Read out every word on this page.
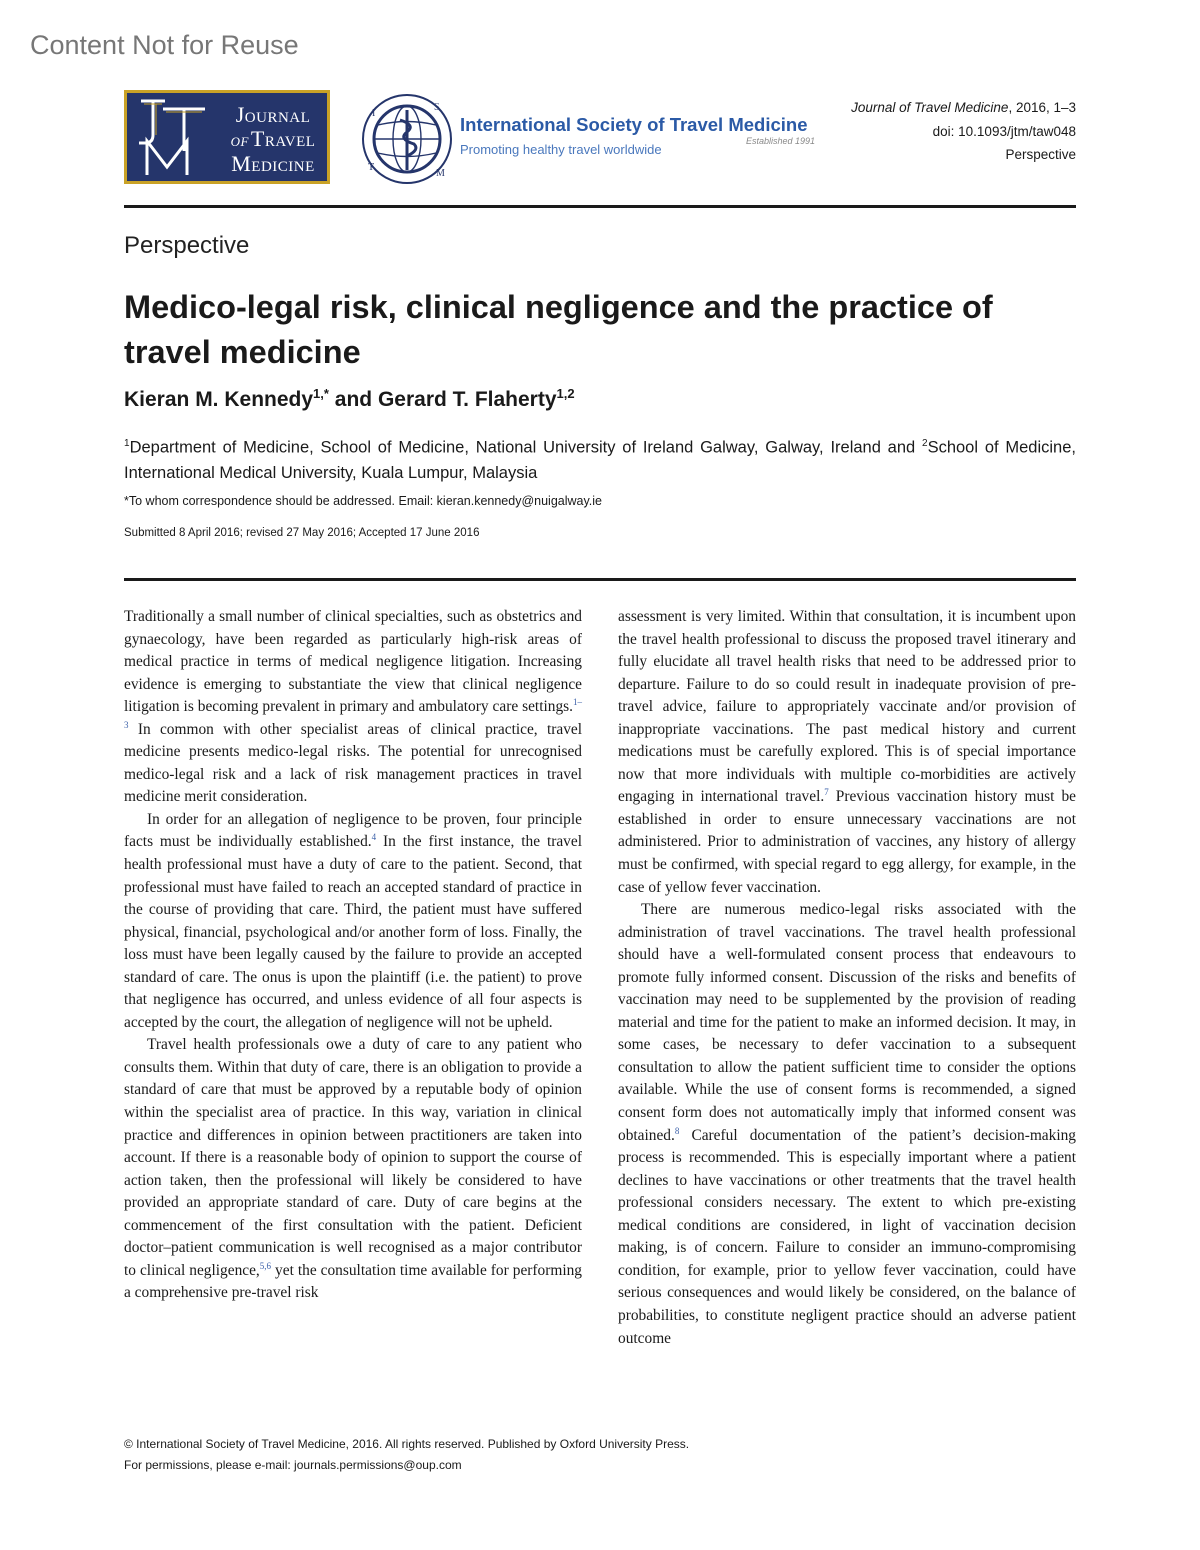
Content Not for Reuse
Journal
ofTravel
Medicine
I
S
T
M
International Society of Travel Medicine
Promoting healthy travel worldwide
Established 1991
Journal of Travel Medicine, 2016, 1–3
doi: 10.1093/jtm/taw048
Perspective
Perspective
Medico-legal risk, clinical negligence and the practice of travel medicine
Kieran M. Kennedy$^{1,*}$ and Gerard T. Flaherty$^{1,2}$
$^1$Department of Medicine, School of Medicine, National University of Ireland Galway, Galway, Ireland and $^2$School of Medicine, International Medical University, Kuala Lumpur, Malaysia
*To whom correspondence should be addressed. Email: kieran.kennedy@nuigalway.ie
Submitted 8 April 2016; revised 27 May 2016; Accepted 17 June 2016

Traditionally a small number of clinical specialties, such as obstetrics and gynaecology, have been regarded as particularly high-risk areas of medical practice in terms of medical negligence litigation. Increasing evidence is emerging to substantiate the view that clinical negligence litigation is becoming prevalent in primary and ambulatory care settings.$^{1-3}$ In common with other specialist areas of clinical practice, travel medicine presents medico-legal risks. The potential for unrecognised medico-legal risk and a lack of risk management practices in travel medicine merit consideration.

In order for an allegation of negligence to be proven, four principle facts must be individually established.$^4$ In the first instance, the travel health professional must have a duty of care to the patient. Second, that professional must have failed to reach an accepted standard of practice in the course of providing that care. Third, the patient must have suffered physical, financial, psychological and/or another form of loss. Finally, the loss must have been legally caused by the failure to provide an accepted standard of care. The onus is upon the plaintiff (i.e. the patient) to prove that negligence has occurred, and unless evidence of all four aspects is accepted by the court, the allegation of negligence will not be upheld.

Travel health professionals owe a duty of care to any patient who consults them. Within that duty of care, there is an obligation to provide a standard of care that must be approved by a reputable body of opinion within the specialist area of practice. In this way, variation in clinical practice and differences in opinion between practitioners are taken into account. If there is a reasonable body of opinion to support the course of action taken, then the professional will likely be considered to have provided an appropriate standard of care. Duty of care begins at the commencement of the first consultation with the patient. Deficient doctor–patient communication is well recognised as a major contributor to clinical negligence,$^{5,6}$ yet the consultation time available for performing a comprehensive pre-travel risk

assessment is very limited. Within that consultation, it is incumbent upon the travel health professional to discuss the proposed travel itinerary and fully elucidate all travel health risks that need to be addressed prior to departure. Failure to do so could result in inadequate provision of pre-travel advice, failure to appropriately vaccinate and/or provision of inappropriate vaccinations. The past medical history and current medications must be carefully explored. This is of special importance now that more individuals with multiple co-morbidities are actively engaging in international travel.$^7$ Previous vaccination history must be established in order to ensure unnecessary vaccinations are not administered. Prior to administration of vaccines, any history of allergy must be confirmed, with special regard to egg allergy, for example, in the case of yellow fever vaccination.

There are numerous medico-legal risks associated with the administration of travel vaccinations. The travel health professional should have a well-formulated consent process that endeavours to promote fully informed consent. Discussion of the risks and benefits of vaccination may need to be supplemented by the provision of reading material and time for the patient to make an informed decision. It may, in some cases, be necessary to defer vaccination to a subsequent consultation to allow the patient sufficient time to consider the options available. While the use of consent forms is recommended, a signed consent form does not automatically imply that informed consent was obtained.$^8$ Careful documentation of the patient’s decision-making process is recommended. This is especially important where a patient declines to have vaccinations or other treatments that the travel health professional considers necessary. The extent to which pre-existing medical conditions are considered, in light of vaccination decision making, is of concern. Failure to consider an immuno-compromising condition, for example, prior to yellow fever vaccination, could have serious consequences and would likely be considered, on the balance of probabilities, to constitute negligent practice should an adverse patient outcome

© International Society of Travel Medicine, 2016. All rights reserved. Published by Oxford University Press.
For permissions, please e-mail: journals.permissions@oup.com
